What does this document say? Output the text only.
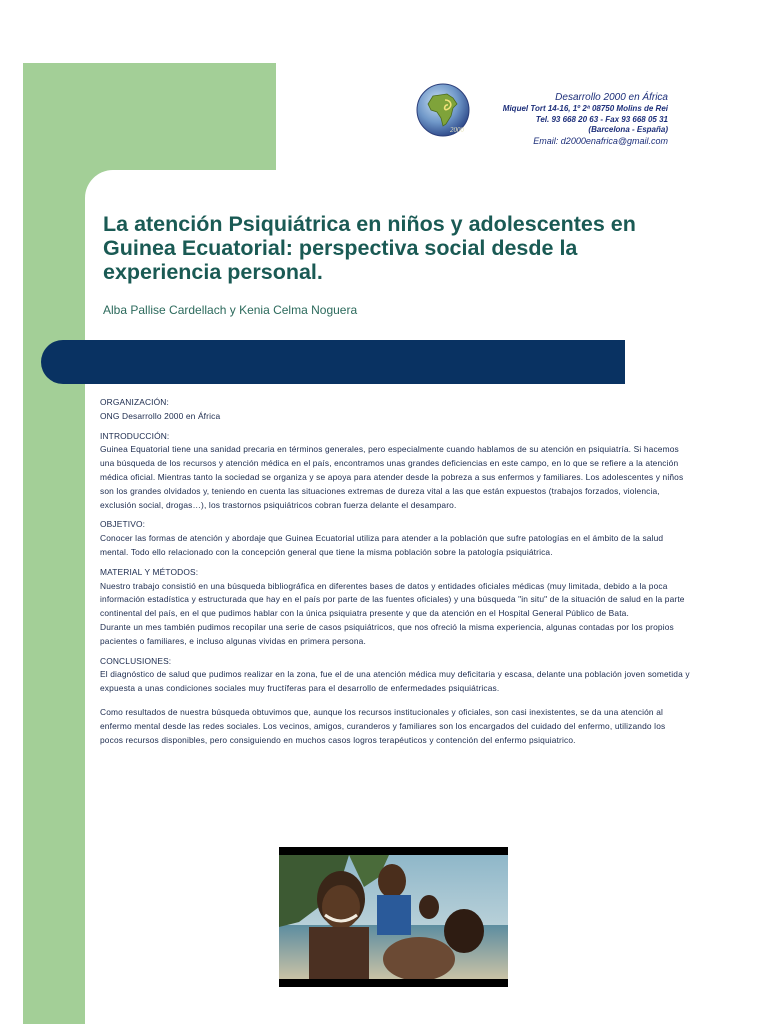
2000
Desarrollo 2000 en África
Miquel Tort 14-16, 1º 2ª 08750 Molins de Rei
Tel. 93 668 20 63 - Fax 93 668 05 31
(Barcelona - España)
Email: d2000enafrica@gmail.com
La atención Psiquiátrica en niños y adolescentes en Guinea Ecuatorial: perspectiva social desde la experiencia personal.
Alba Pallise Cardellach y Kenia Celma Noguera

ORGANIZACIÓN:

ONG Desarrollo 2000 en África

INTRODUCCIÓN:

Guinea Equatorial tiene una sanidad precaria en términos generales, pero especialmente cuando hablamos de su atención en psiquiatría. Si hacemos una búsqueda de los recursos y atención médica en el país, encontramos unas grandes deficiencias en este campo, en lo que se refiere a la atención médica oficial. Mientras tanto la sociedad se organiza y se apoya para atender desde la pobreza a sus enfermos y familiares. Los adolescentes y niños son los grandes olvidados y, teniendo en cuenta las situaciones extremas de dureza vital a las que están expuestos (trabajos forzados, violencia, exclusión social, drogas…), los trastornos psiquiátricos cobran fuerza delante el desamparo.

OBJETIVO:

Conocer las formas de atención y abordaje que Guinea Ecuatorial utiliza para atender a la población que sufre patologías en el ámbito de la salud mental. Todo ello relacionado con la concepción general que tiene la misma población sobre la patología psiquiátrica.

MATERIAL Y MÉTODOS:

Nuestro trabajo consistió en una búsqueda bibliográfica en diferentes bases de datos y entidades oficiales médicas (muy limitada, debido a la poca información estadística y estructurada que hay en el país por parte de las fuentes oficiales) y una búsqueda "in situ" de la situación de salud en la parte continental del país, en el que pudimos hablar con la única psiquiatra presente y que da atención en el Hospital General Público de Bata.

Durante un mes también pudimos recopilar una serie de casos psiquiátricos, que nos ofreció la misma experiencia, algunas contadas por los propios pacientes o familiares, e incluso algunas vividas en primera persona.

CONCLUSIONES:

El diagnóstico de salud que pudimos realizar en la zona, fue el de una atención médica muy deficitaria y escasa, delante una población joven sometida y expuesta a unas condiciones sociales muy fructíferas para el desarrollo de enfermedades psiquiátricas.

Como resultados de nuestra búsqueda obtuvimos que, aunque los recursos institucionales y oficiales, son casi inexistentes, se da una atención al enfermo mental desde las redes sociales. Los vecinos, amigos, curanderos y familiares son los encargados del cuidado del enfermo, utilizando los pocos recursos disponibles, pero consiguiendo en muchos casos logros terapéuticos y contención del enfermo psiquiatrico.
